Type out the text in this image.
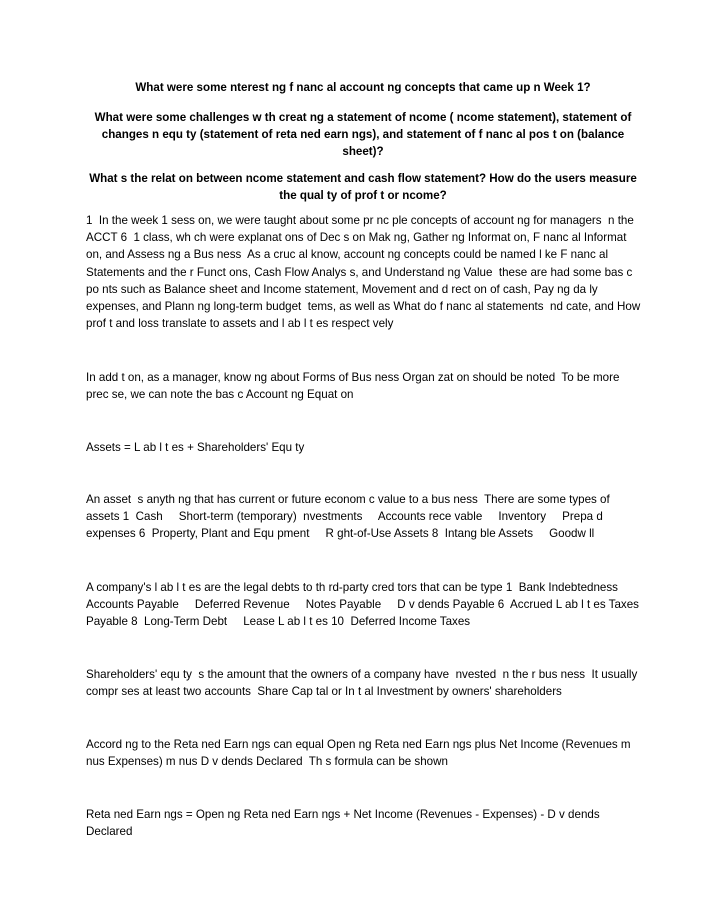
What were some nterest ng f nanc al account ng concepts that came up n Week 1?

What were some challenges w th creat ng a statement of ncome ( ncome statement), statement of changes n equ ty (statement of reta ned earn ngs), and statement of f nanc al pos t on (balance sheet)?

What s the relat on between ncome statement and cash flow statement? How do the users measure the qual ty of prof t or ncome?

1  In the week 1 sess on, we were taught about some pr nc ple concepts of account ng for managers  n the ACCT 6  1 class, wh ch were explanat ons of Dec s on Mak ng, Gather ng Informat on, F nanc al Informat on, and Assess ng a Bus ness  As a cruc al know, account ng concepts could be named l ke F nanc al Statements and the r Funct ons, Cash Flow Analys s, and Understand ng Value  these are had some bas c po nts such as Balance sheet and Income statement, Movement and d rect on of cash, Pay ng da ly expenses, and Plann ng long-term budget  tems, as well as What do f nanc al statements  nd cate, and How prof t and loss translate to assets and l ab l t es respect vely

In add t on, as a manager, know ng about Forms of Bus ness Organ zat on should be noted  To be more prec se, we can note the bas c Account ng Equat on

Assets = L ab l t es + Shareholders' Equ ty

An asset  s anyth ng that has current or future econom c value to a bus ness  There are some types of assets 1  Cash     Short-term (temporary)  nvestments     Accounts rece vable     Inventory     Prepa d expenses 6  Property, Plant and Equ pment     R ght-of-Use Assets 8  Intang ble Assets     Goodw ll

A company's l ab l t es are the legal debts to th rd-party cred tors that can be type 1  Bank Indebtedness     Accounts Payable     Deferred Revenue     Notes Payable     D v dends Payable 6  Accrued L ab l t es Taxes Payable 8  Long-Term Debt     Lease L ab l t es 10  Deferred Income Taxes

Shareholders' equ ty  s the amount that the owners of a company have  nvested  n the r bus ness  It usually compr ses at least two accounts  Share Cap tal or In t al Investment by owners' shareholders

Accord ng to the Reta ned Earn ngs can equal Open ng Reta ned Earn ngs plus Net Income (Revenues m nus Expenses) m nus D v dends Declared  Th s formula can be shown

Reta ned Earn ngs = Open ng Reta ned Earn ngs + Net Income (Revenues - Expenses) - D v dends Declared
